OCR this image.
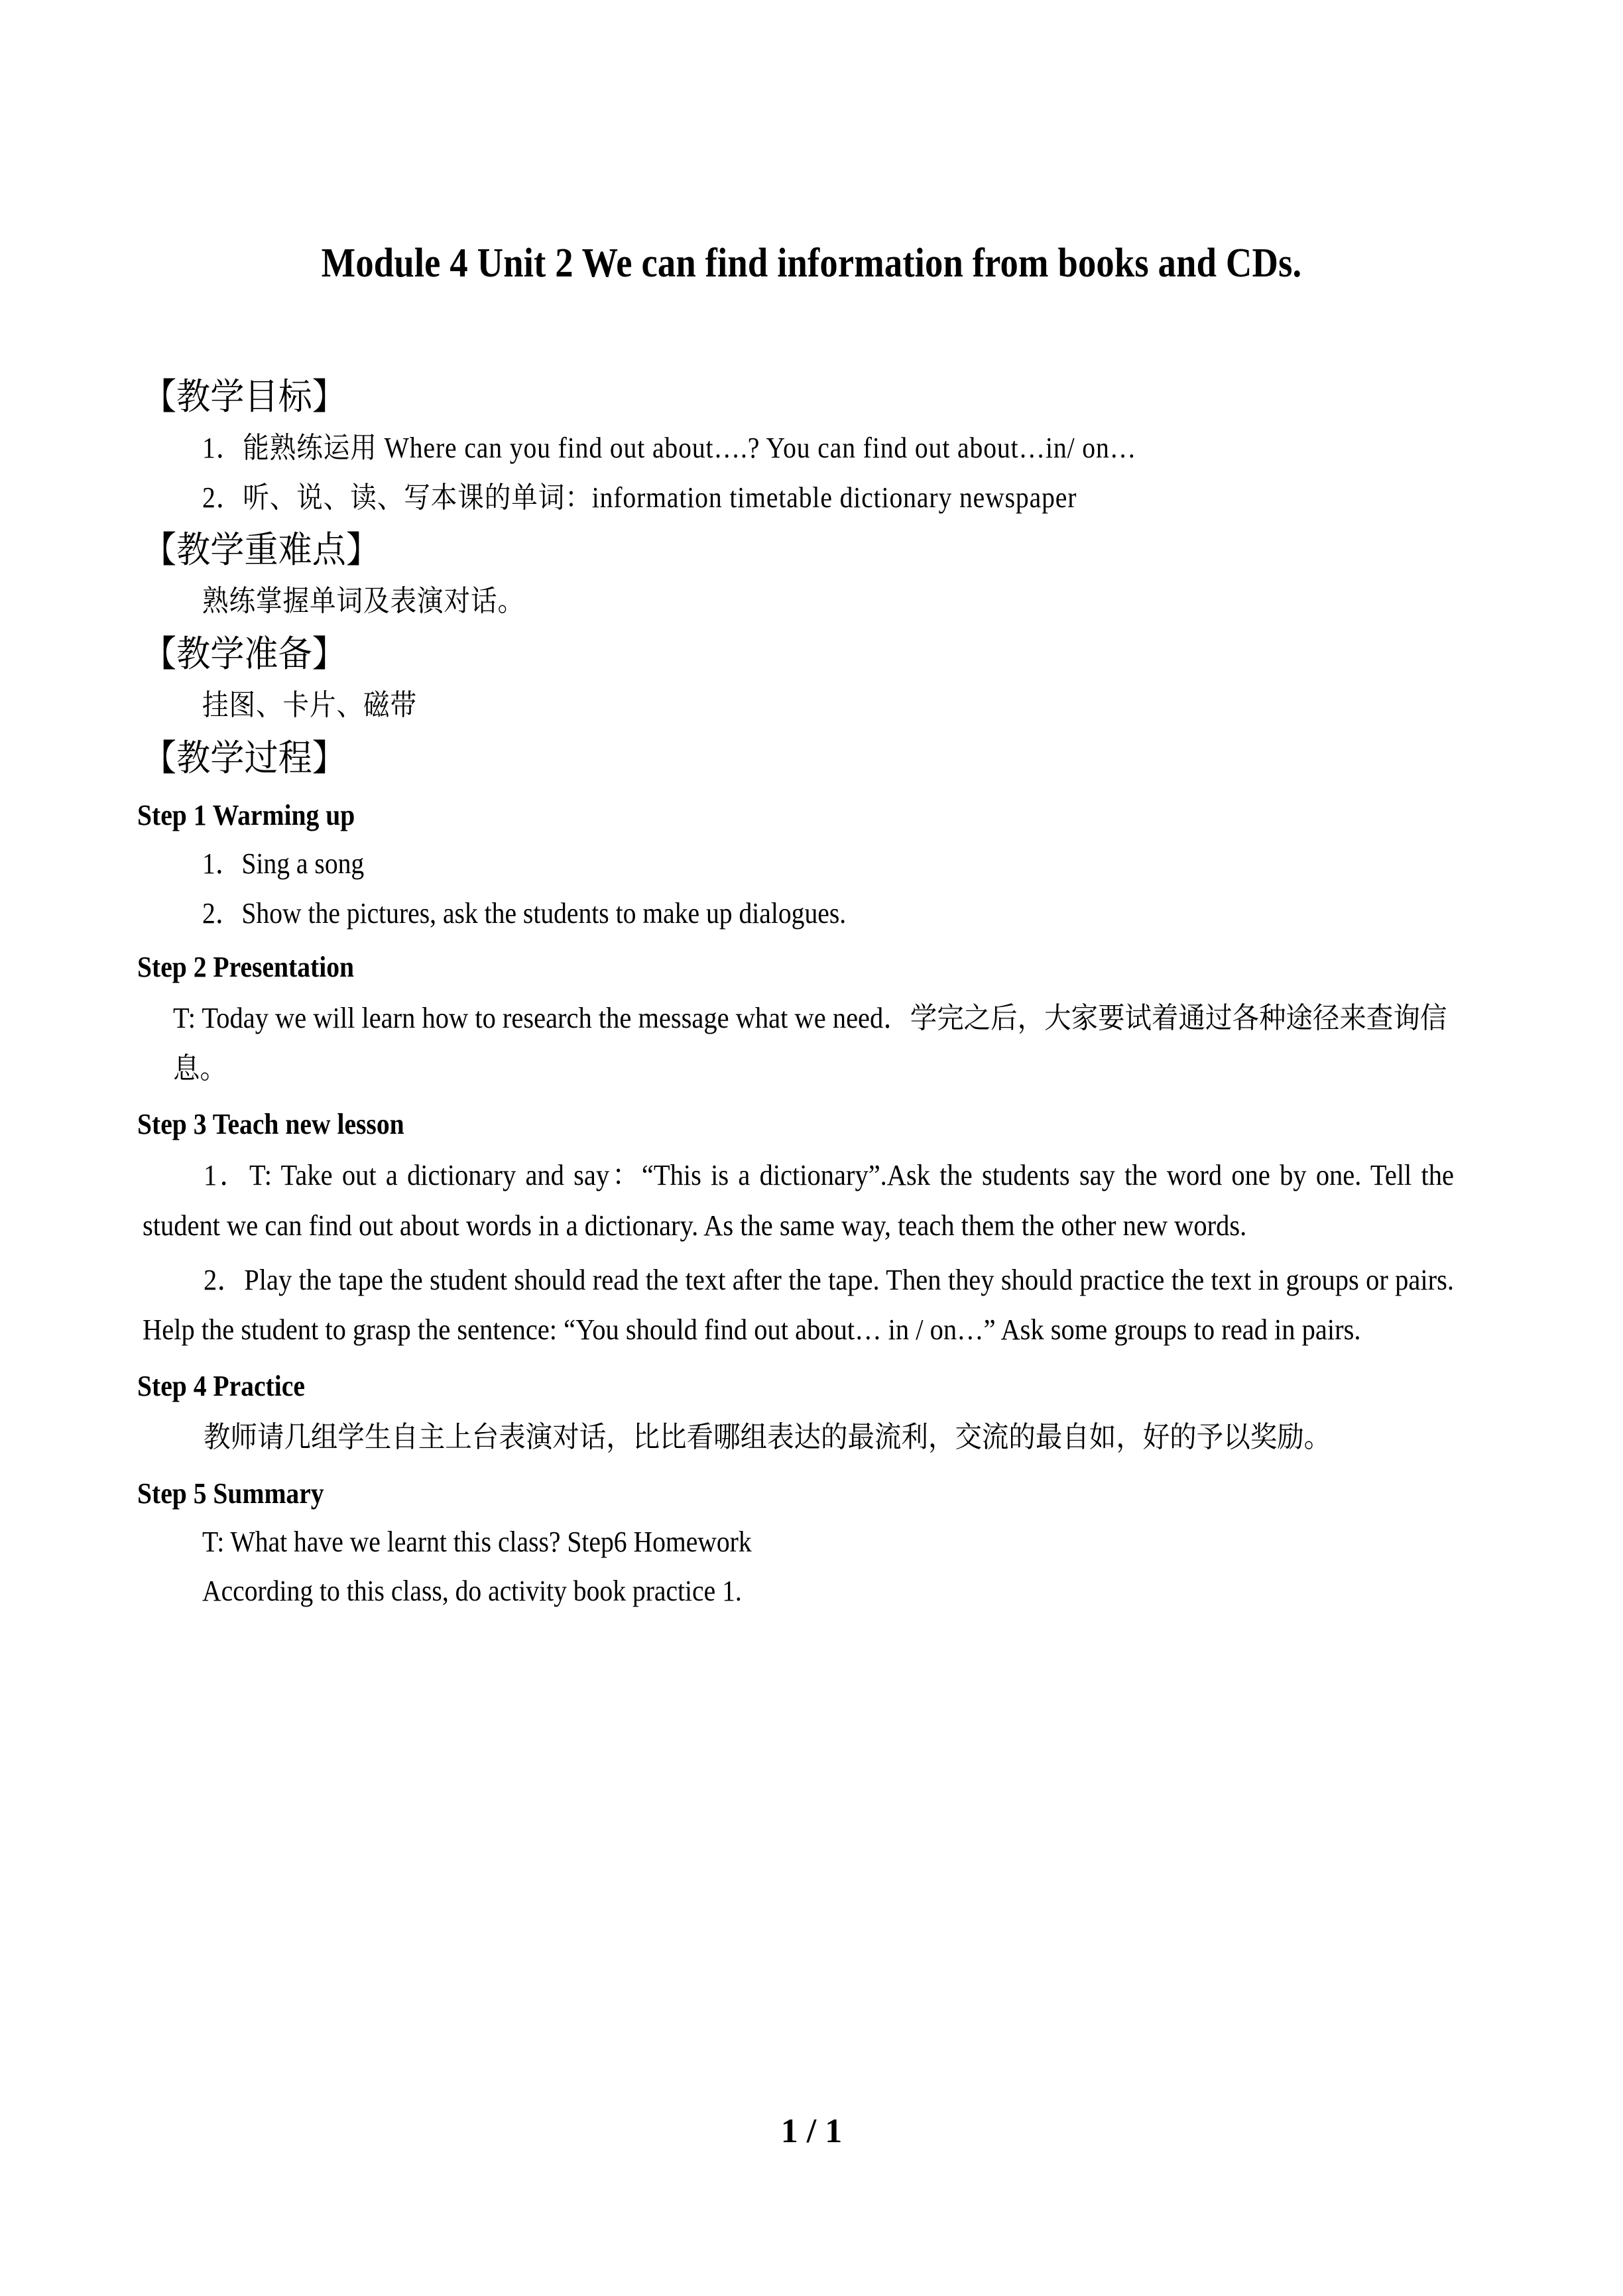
Module 4 Unit 2 We can find information from books and CDs.
【教学目标】
1．能熟练运用 Where can you find out about….? You can find out about…in/ on…
2．听、说、读、写本课的单词：information timetable dictionary newspaper
【教学重难点】
熟练掌握单词及表演对话。
【教学准备】
挂图、卡片、磁带
【教学过程】
Step 1 Warming up
1．Sing a song
2．Show the pictures, ask the students to make up dialogues.
Step 2 Presentation
T: Today we will learn how to research the message what we need．学完之后，大家要试着通过各种途径来查询信息。
Step 3 Teach new lesson
1．T: Take out a dictionary and say：“This is a dictionary”.Ask the students say the word one by one. Tell the student we can find out about words in a dictionary. As the same way, teach them the other new words.
2．Play the tape the student should read the text after the tape. Then they should practice the text in groups or pairs. Help the student to grasp the sentence: “You should find out about… in / on…” Ask some groups to read in pairs.
Step 4 Practice
教师请几组学生自主上台表演对话，比比看哪组表达的最流利，交流的最自如，好的予以奖励。
Step 5 Summary
T: What have we learnt this class? Step6 Homework
According to this class, do activity book practice 1.
1 / 1
